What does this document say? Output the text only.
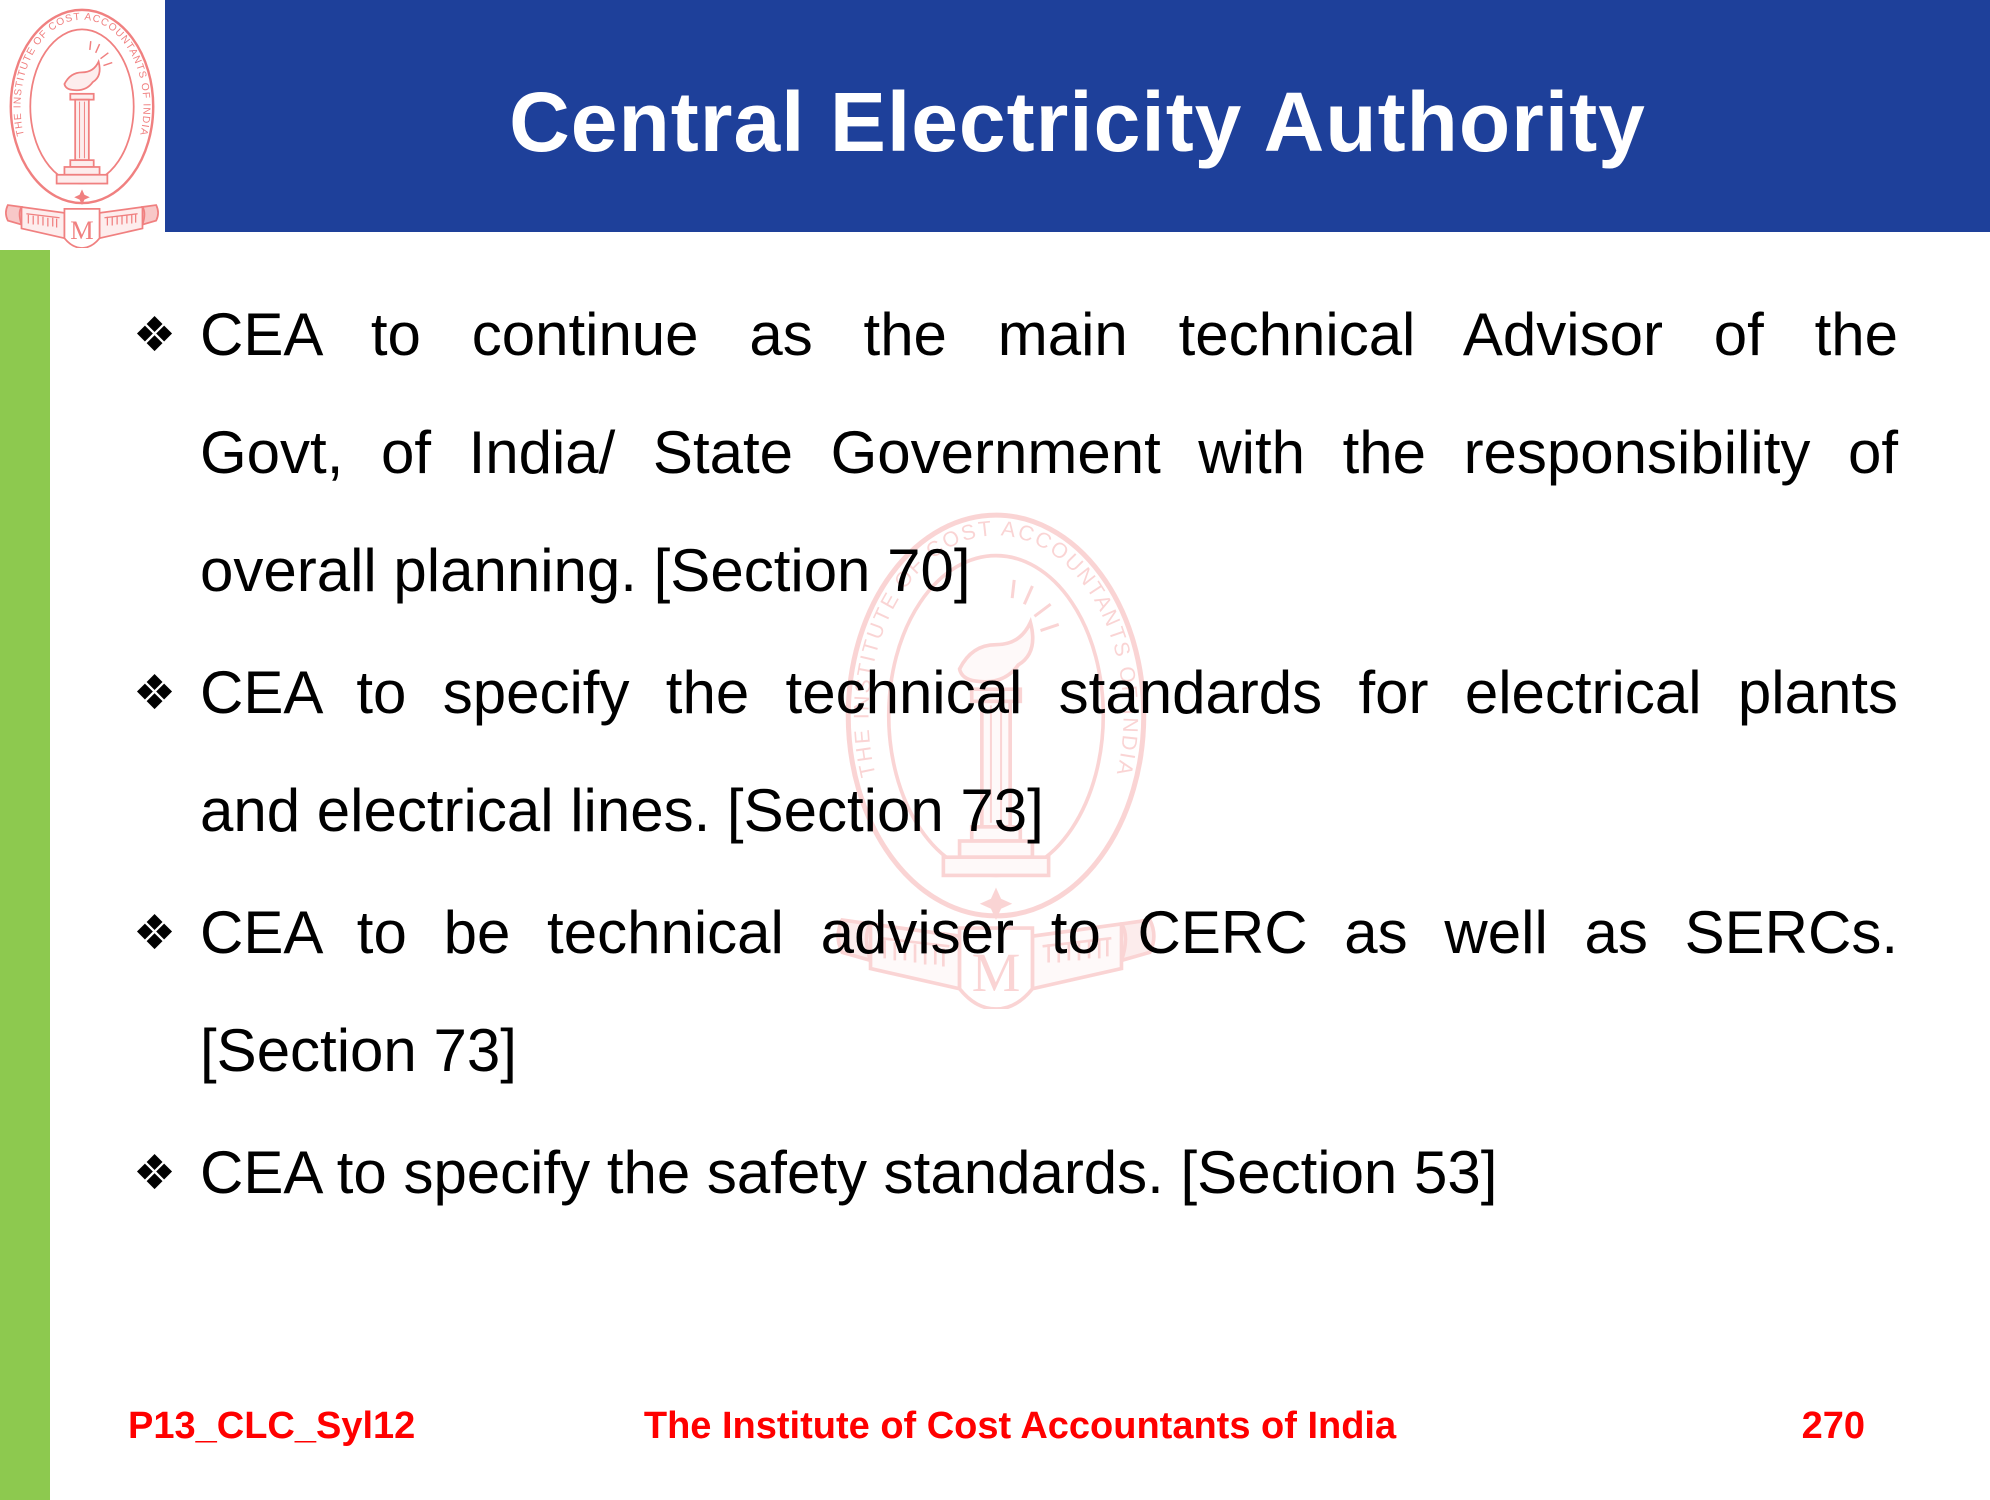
Central Electricity Authority
❖ CEA to continue as the main technical Advisor of the
Govt, of India/ State Government with the responsibility of
overall planning. [Section 70]
❖ CEA to specify the technical standards for electrical plants
and electrical lines. [Section 73]
❖ CEA to be technical adviser to CERC as well as SERCs.
[Section 73]
❖ CEA to specify the safety standards. [Section 53]
P13_CLC_Syl12	The Institute of Cost Accountants of India	270
